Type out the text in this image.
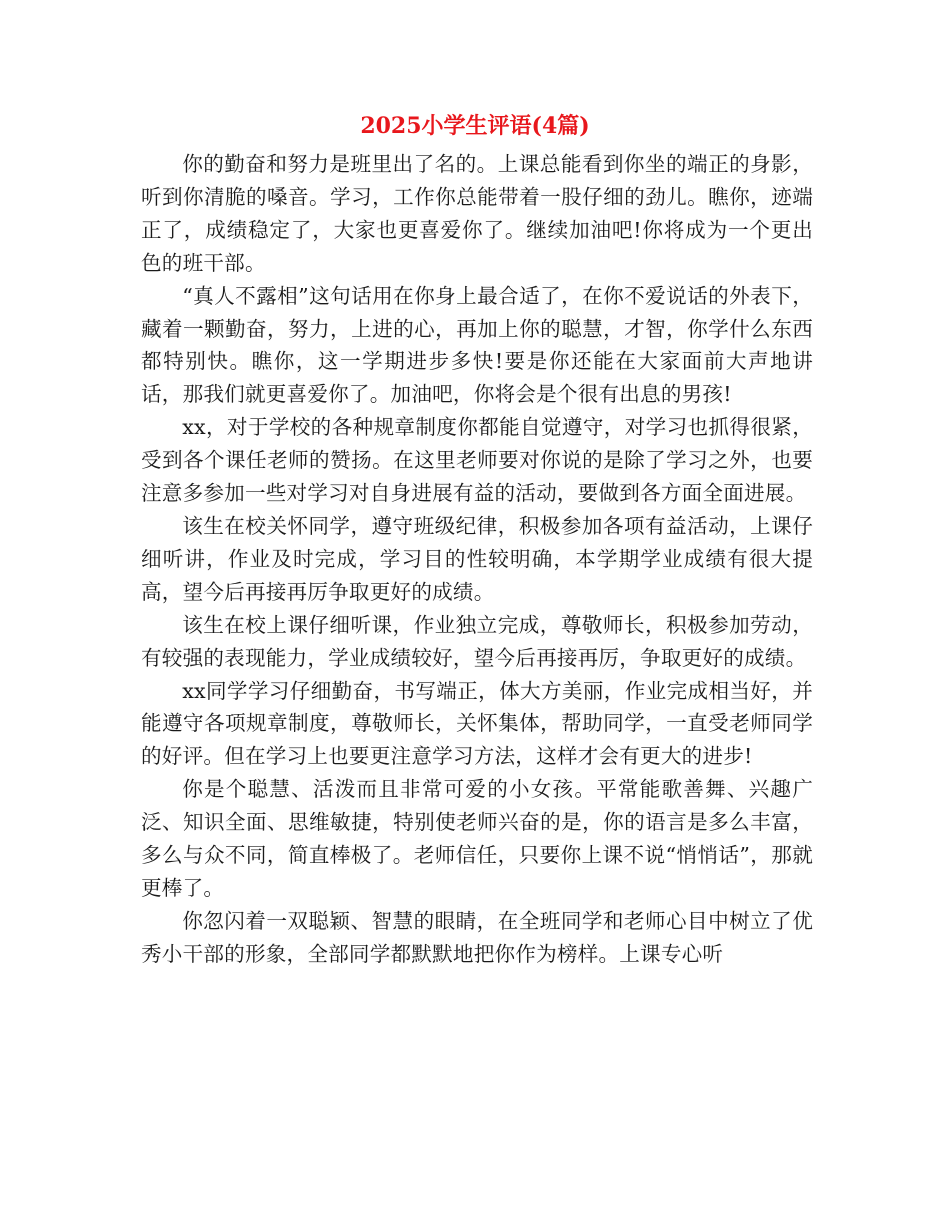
2025小学生评语(4篇)

你的勤奋和努力是班里出了名的。上课总能看到你坐的端正的身影，听到你清脆的嗓音。学习，工作你总能带着一股仔细的劲儿。瞧你，迹端正了，成绩稳定了，大家也更喜爱你了。继续加油吧!你将成为一个更出色的班干部。

“真人不露相”这句话用在你身上最合适了，在你不爱说话的外表下，藏着一颗勤奋，努力，上进的心，再加上你的聪慧，才智，你学什么东西都特别快。瞧你，这一学期进步多快!要是你还能在大家面前大声地讲话，那我们就更喜爱你了。加油吧，你将会是个很有出息的男孩!

xx，对于学校的各种规章制度你都能自觉遵守，对学习也抓得很紧，受到各个课任老师的赞扬。在这里老师要对你说的是除了学习之外，也要注意多参加一些对学习对自身进展有益的活动，要做到各方面全面进展。

该生在校关怀同学，遵守班级纪律，积极参加各项有益活动，上课仔细听讲，作业及时完成，学习目的性较明确，本学期学业成绩有很大提高，望今后再接再厉争取更好的成绩。

该生在校上课仔细听课，作业独立完成，尊敬师长，积极参加劳动，有较强的表现能力，学业成绩较好，望今后再接再厉，争取更好的成绩。

xx同学学习仔细勤奋，书写端正，体大方美丽，作业完成相当好，并能遵守各项规章制度，尊敬师长，关怀集体，帮助同学，一直受老师同学的好评。但在学习上也要更注意学习方法，这样才会有更大的进步!

你是个聪慧、活泼而且非常可爱的小女孩。平常能歌善舞、兴趣广泛、知识全面、思维敏捷，特别使老师兴奋的是，你的语言是多么丰富，多么与众不同，简直棒极了。老师信任，只要你上课不说“悄悄话”，那就更棒了。

你忽闪着一双聪颖、智慧的眼睛，在全班同学和老师心目中树立了优秀小干部的形象，全部同学都默默地把你作为榜样。上课专心听
